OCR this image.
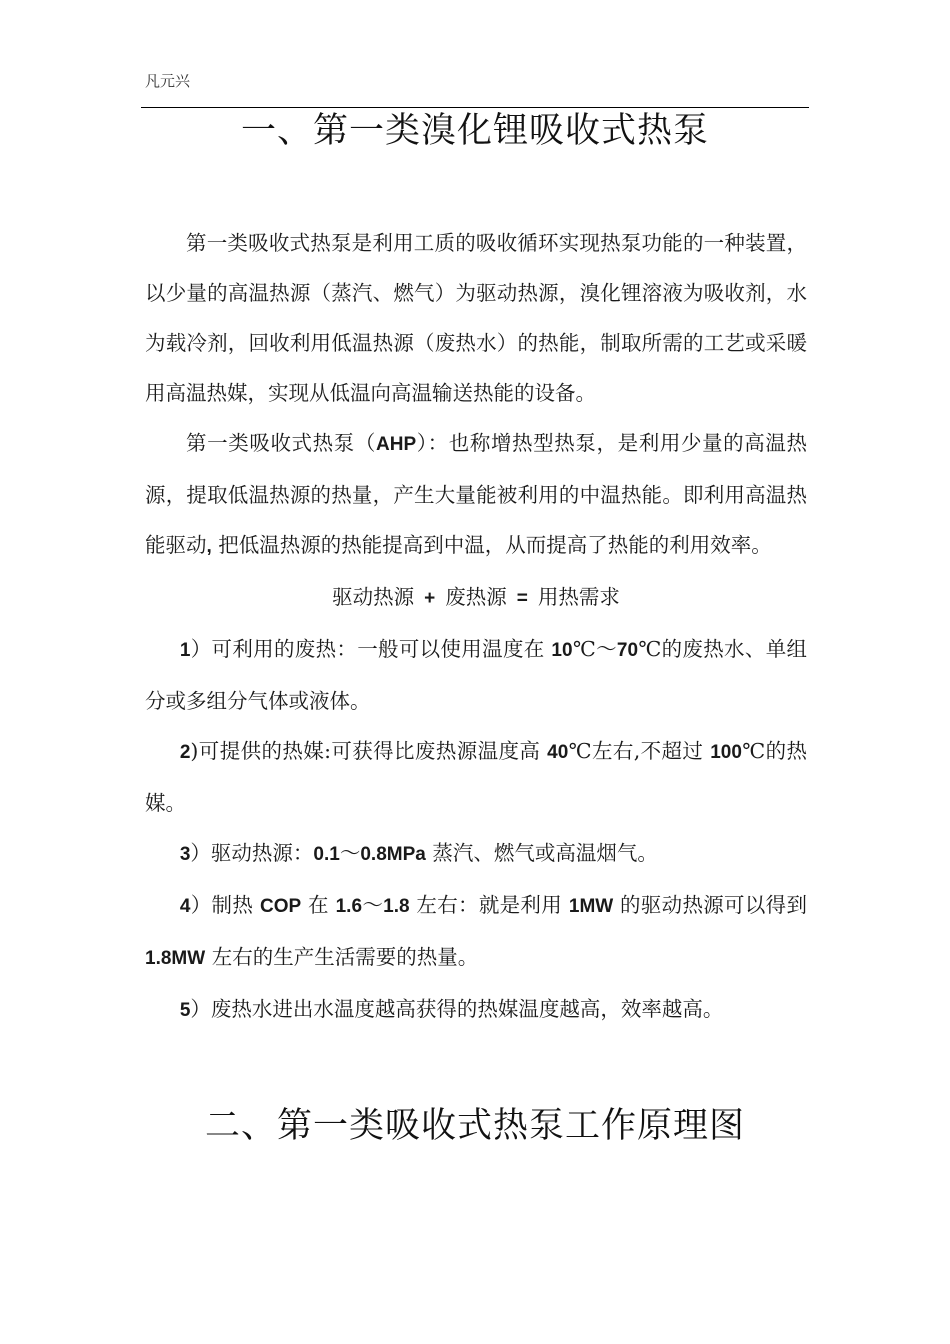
凡元兴
一、第一类溴化锂吸收式热泵

第一类吸收式热泵是利用工质的吸收循环实现热泵功能的一种装置，以少量的高温热源（蒸汽、燃气）为驱动热源，溴化锂溶液为吸收剂，水为载冷剂，回收利用低温热源（废热水）的热能，制取所需的工艺或采暖用高温热媒，实现从低温向高温输送热能的设备。

第一类吸收式热泵（AHP）：也称增热型热泵，是利用少量的高温热源，提取低温热源的热量，产生大量能被利用的中温热能。即利用高温热能驱动, 把低温热源的热能提高到中温，从而提高了热能的利用效率。

驱动热源 + 废热源 = 用热需求

1）可利用的废热：一般可以使用温度在 10℃～70℃的废热水、单组分或多组分气体或液体。

2)可提供的热媒:可获得比废热源温度高 40℃左右,不超过 100℃的热媒。

3）驱动热源：0.1～0.8MPa 蒸汽、燃气或高温烟气。

4）制热 COP 在 1.6～1.8 左右：就是利用 1MW 的驱动热源可以得到 1.8MW 左右的生产生活需要的热量。

5）废热水进出水温度越高获得的热媒温度越高，效率越高。

二、第一类吸收式热泵工作原理图
